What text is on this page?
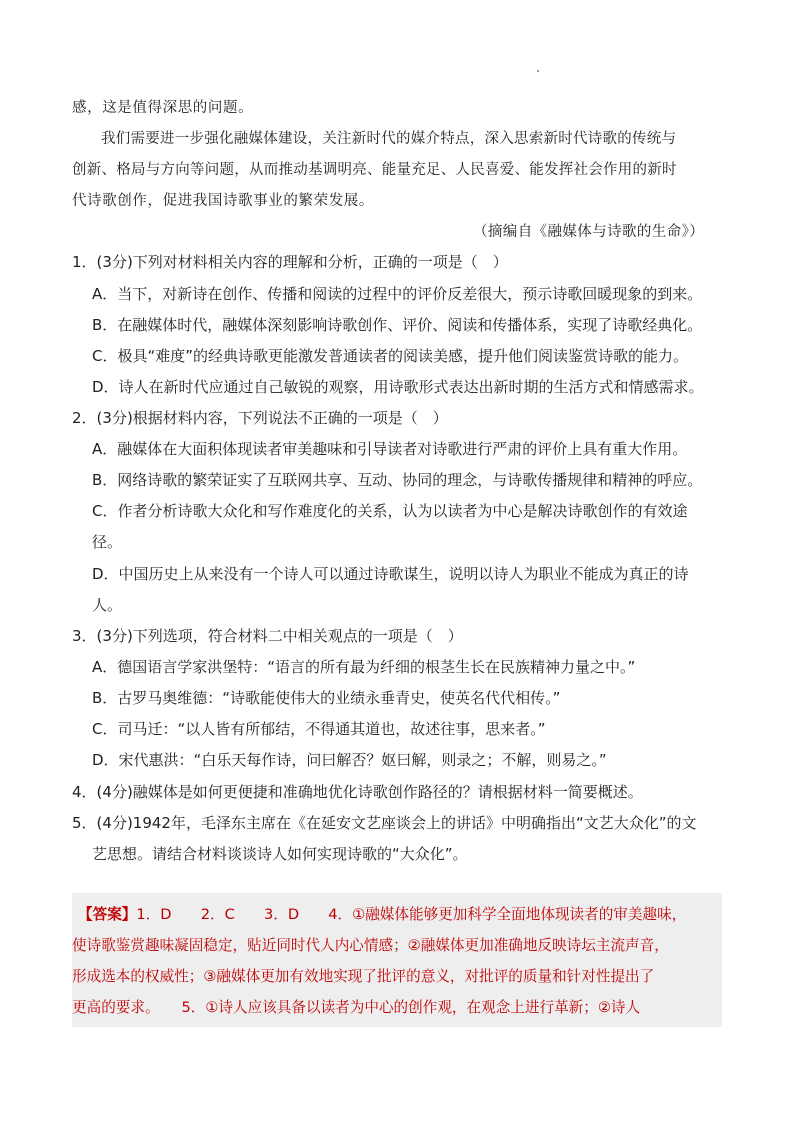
感，这是值得深思的问题。
我们需要进一步强化融媒体建设，关注新时代的媒介特点，深入思索新时代诗歌的传统与
创新、格局与方向等问题，从而推动基调明亮、能量充足、人民喜爱、能发挥社会作用的新时
代诗歌创作，促进我国诗歌事业的繁荣发展。
（摘编自《融媒体与诗歌的生命》）
1．(3分)下列对材料相关内容的理解和分析，正确的一项是（　）
A．当下，对新诗在创作、传播和阅读的过程中的评价反差很大，预示诗歌回暖现象的到来。
B．在融媒体时代，融媒体深刻影响诗歌创作、评价、阅读和传播体系，实现了诗歌经典化。
C．极具“难度”的经典诗歌更能激发普通读者的阅读美感，提升他们阅读鉴赏诗歌的能力。
D．诗人在新时代应通过自己敏锐的观察，用诗歌形式表达出新时期的生活方式和情感需求。
2．(3分)根据材料内容，下列说法不正确的一项是（　）
A．融媒体在大面积体现读者审美趣味和引导读者对诗歌进行严肃的评价上具有重大作用。
B．网络诗歌的繁荣证实了互联网共享、互动、协同的理念，与诗歌传播规律和精神的呼应。
C．作者分析诗歌大众化和写作难度化的关系，认为以读者为中心是解决诗歌创作的有效途
径。
D．中国历史上从来没有一个诗人可以通过诗歌谋生，说明以诗人为职业不能成为真正的诗
人。
3．(3分)下列选项，符合材料二中相关观点的一项是（　）
A．德国语言学家洪堡特：“语言的所有最为纤细的根茎生长在民族精神力量之中。”
B．古罗马奥维德：“诗歌能使伟大的业绩永垂青史，使英名代代相传。”
C．司马迁：“以人皆有所郁结，不得通其道也，故述往事，思来者。”
D．宋代惠洪：“白乐天每作诗，问曰解否？妪曰解，则录之；不解，则易之。”
4．(4分)融媒体是如何更便捷和准确地优化诗歌创作路径的？请根据材料一简要概述。
5．(4分)1942年，毛泽东主席在《在延安文艺座谈会上的讲话》中明确指出“文艺大众化”的文
艺思想。请结合材料谈谈诗人如何实现诗歌的“大众化”。
【答案】1．D　　2．C　　3．D　　4．①融媒体能够更加科学全面地体现读者的审美趣味，
使诗歌鉴赏趣味凝固稳定，贴近同时代人内心情感；②融媒体更加准确地反映诗坛主流声音，
形成选本的权威性；③融媒体更加有效地实现了批评的意义，对批评的质量和针对性提出了
更高的要求。　　5．①诗人应该具备以读者为中心的创作观，在观念上进行革新；②诗人
